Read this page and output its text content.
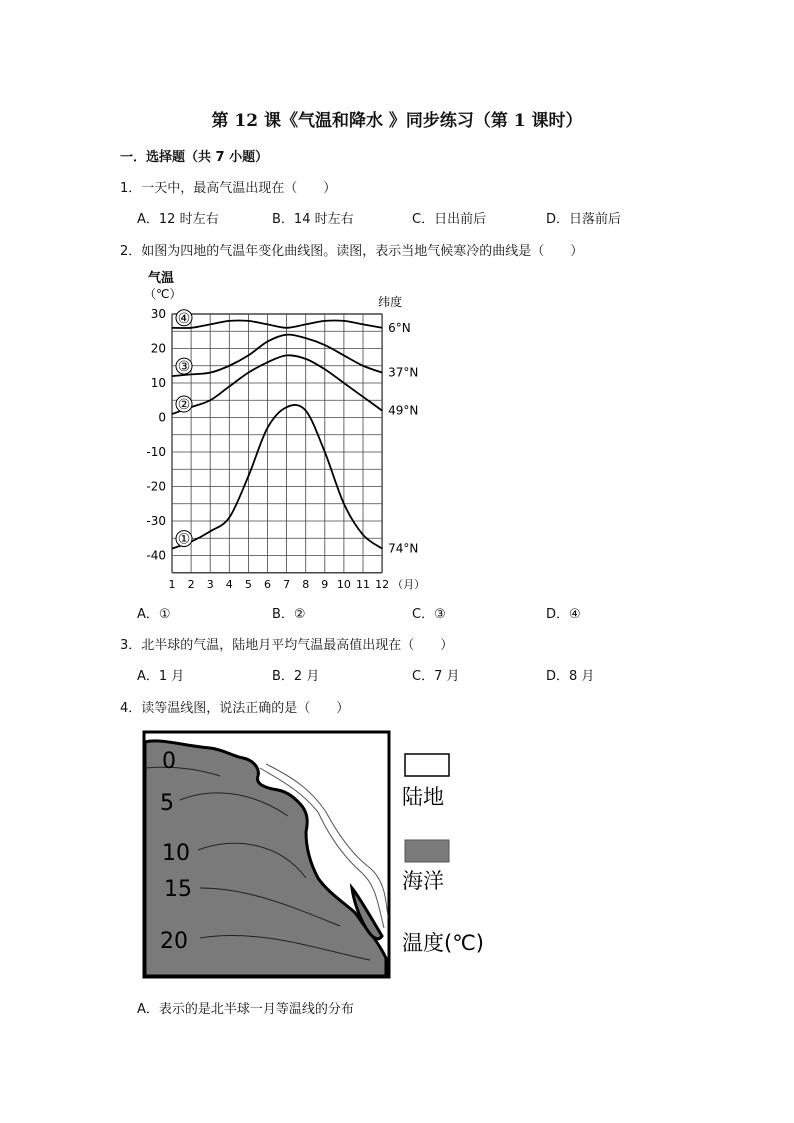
第 12 课《气温和降水 》同步练习（第 1 课时）
一．选择题（共 7 小题）
1．一天中，最高气温出现在（　　）
A．12 时左右	B．14 时左右	C．日出前后	D．日落前后
2．如图为四地的气温年变化曲线图。读图，表示当地气候寒冷的曲线是（　　）
30
20
10
0
-10
-20
-30
-40
1 2 3 4 5 6 7 8 9 10 11 12 （月）
气温
（℃）
纬度
6°N
④
37°N
③
49°N
②
74°N
①
A．①	B．②	C．③	D．④
3．北半球的气温，陆地月平均气温最高值出现在（　　）
A．1 月	B．2 月	C．7 月	D．8 月
4．读等温线图，说法正确的是（　　）
0
5
10
15
20
陆地
海洋
温度(℃)
A．表示的是北半球一月等温线的分布
